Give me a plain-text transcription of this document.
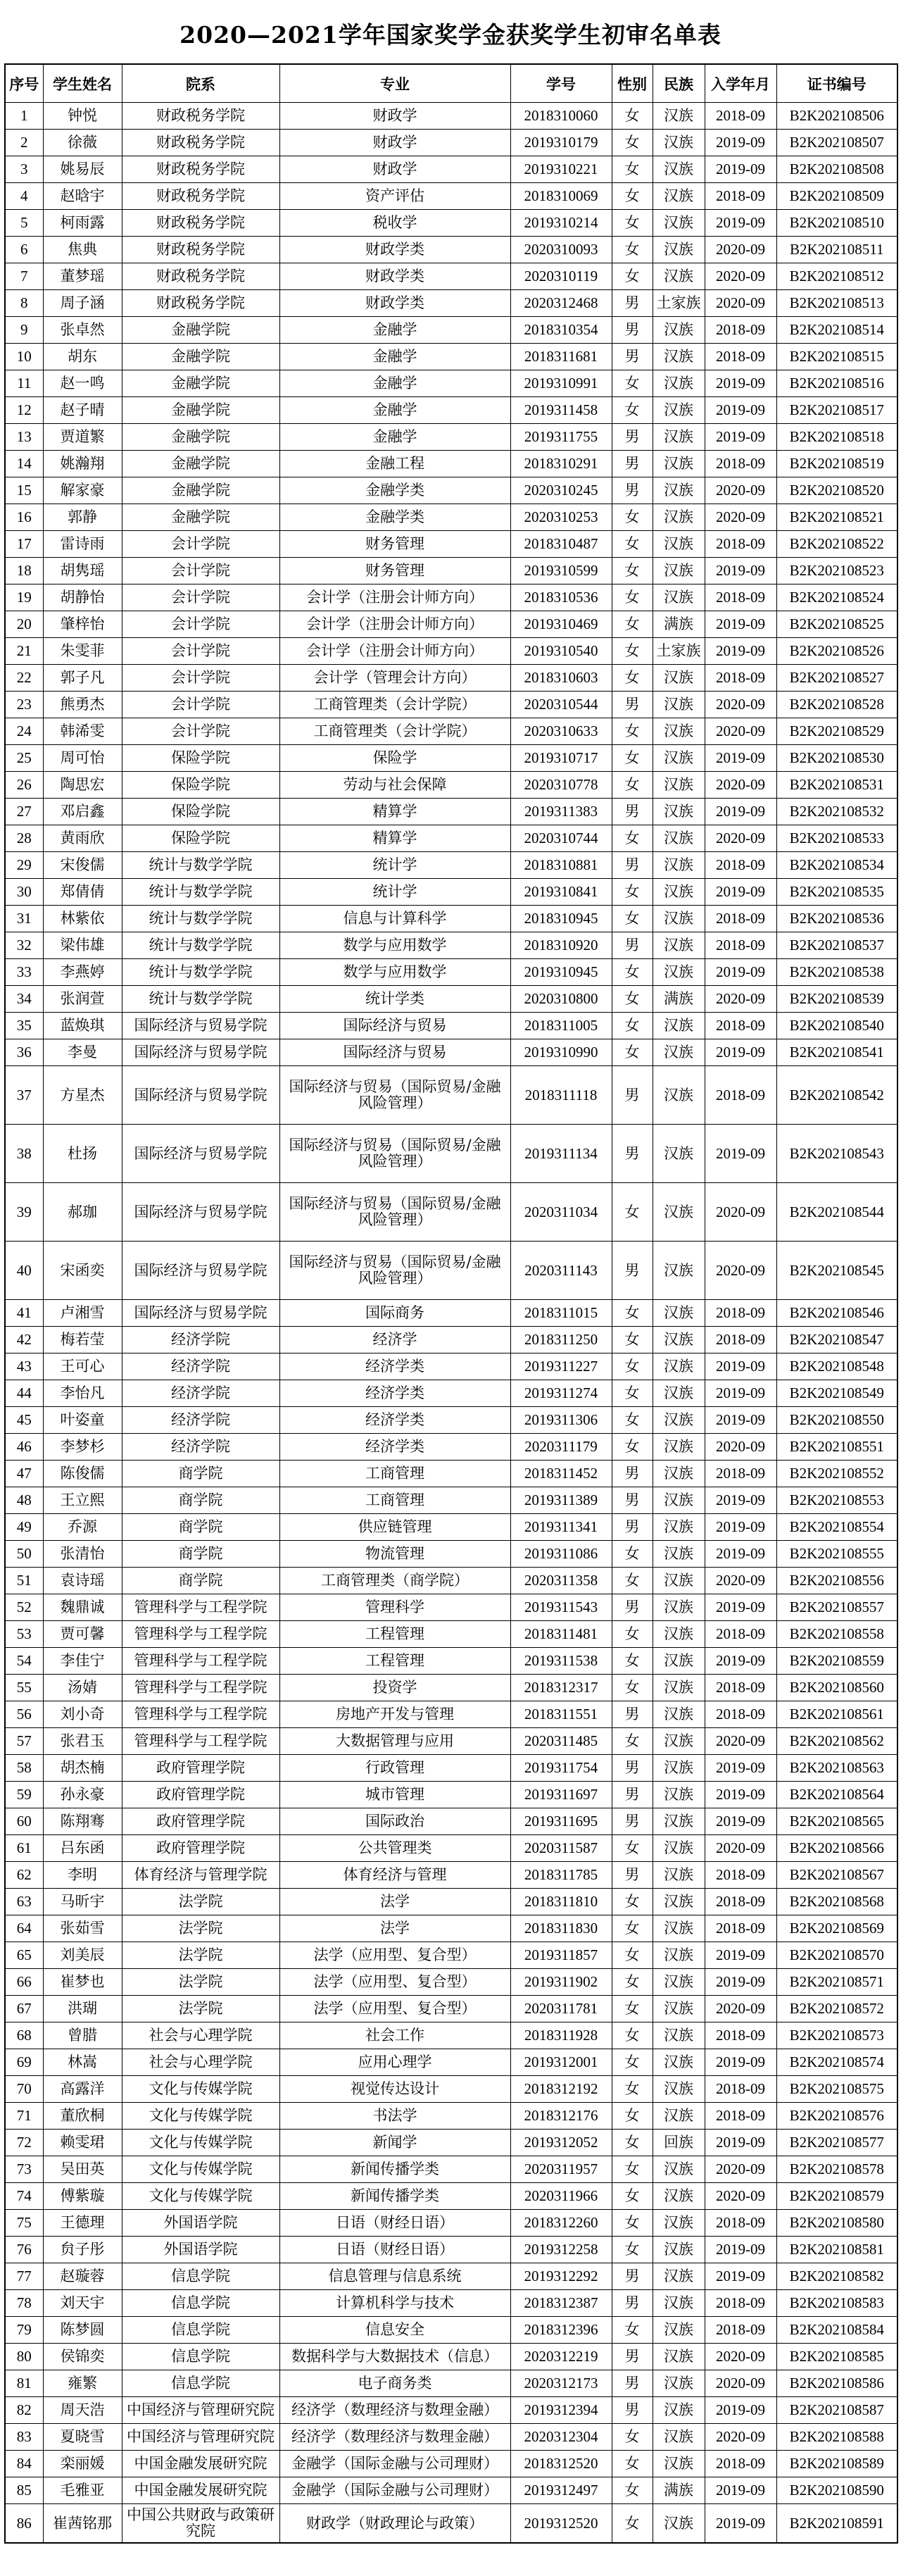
2020—2021学年国家奖学金获奖学生初审名单表
序号	学生姓名	院系	专业	学号	性别	民族	入学年月	证书编号
1	钟悦	财政税务学院	财政学	2018310060	女	汉族	2018-09	B2K202108506
2	徐薇	财政税务学院	财政学	2019310179	女	汉族	2019-09	B2K202108507
3	姚易辰	财政税务学院	财政学	2019310221	女	汉族	2019-09	B2K202108508
4	赵晗宇	财政税务学院	资产评估	2018310069	女	汉族	2018-09	B2K202108509
5	柯雨露	财政税务学院	税收学	2019310214	女	汉族	2019-09	B2K202108510
6	焦典	财政税务学院	财政学类	2020310093	女	汉族	2020-09	B2K202108511
7	董梦瑶	财政税务学院	财政学类	2020310119	女	汉族	2020-09	B2K202108512
8	周子涵	财政税务学院	财政学类	2020312468	男	土家族	2020-09	B2K202108513
9	张卓然	金融学院	金融学	2018310354	男	汉族	2018-09	B2K202108514
10	胡东	金融学院	金融学	2018311681	男	汉族	2018-09	B2K202108515
11	赵一鸣	金融学院	金融学	2019310991	女	汉族	2019-09	B2K202108516
12	赵子晴	金融学院	金融学	2019311458	女	汉族	2019-09	B2K202108517
13	贾道繁	金融学院	金融学	2019311755	男	汉族	2019-09	B2K202108518
14	姚瀚翔	金融学院	金融工程	2018310291	男	汉族	2018-09	B2K202108519
15	解家豪	金融学院	金融学类	2020310245	男	汉族	2020-09	B2K202108520
16	郭静	金融学院	金融学类	2020310253	女	汉族	2020-09	B2K202108521
17	雷诗雨	会计学院	财务管理	2018310487	女	汉族	2018-09	B2K202108522
18	胡隽瑶	会计学院	财务管理	2019310599	女	汉族	2019-09	B2K202108523
19	胡静怡	会计学院	会计学（注册会计师方向）	2018310536	女	汉族	2018-09	B2K202108524
20	肇梓怡	会计学院	会计学（注册会计师方向）	2019310469	女	满族	2019-09	B2K202108525
21	朱雯菲	会计学院	会计学（注册会计师方向）	2019310540	女	土家族	2019-09	B2K202108526
22	郭子凡	会计学院	会计学（管理会计方向）	2018310603	女	汉族	2018-09	B2K202108527
23	熊勇杰	会计学院	工商管理类（会计学院）	2020310544	男	汉族	2020-09	B2K202108528
24	韩浠雯	会计学院	工商管理类（会计学院）	2020310633	女	汉族	2020-09	B2K202108529
25	周可怡	保险学院	保险学	2019310717	女	汉族	2019-09	B2K202108530
26	陶思宏	保险学院	劳动与社会保障	2020310778	女	汉族	2020-09	B2K202108531
27	邓启鑫	保险学院	精算学	2019311383	男	汉族	2019-09	B2K202108532
28	黄雨欣	保险学院	精算学	2020310744	女	汉族	2020-09	B2K202108533
29	宋俊儒	统计与数学学院	统计学	2018310881	男	汉族	2018-09	B2K202108534
30	郑倩倩	统计与数学学院	统计学	2019310841	女	汉族	2019-09	B2K202108535
31	林紫依	统计与数学学院	信息与计算科学	2018310945	女	汉族	2018-09	B2K202108536
32	梁伟雄	统计与数学学院	数学与应用数学	2018310920	男	汉族	2018-09	B2K202108537
33	李燕婷	统计与数学学院	数学与应用数学	2019310945	女	汉族	2019-09	B2K202108538
34	张润萱	统计与数学学院	统计学类	2020310800	女	满族	2020-09	B2K202108539
35	蓝焕琪	国际经济与贸易学院	国际经济与贸易	2018311005	女	汉族	2018-09	B2K202108540
36	李曼	国际经济与贸易学院	国际经济与贸易	2019310990	女	汉族	2019-09	B2K202108541
37	方星杰	国际经济与贸易学院	国际经济与贸易（国际贸易/金融风险管理）	2018311118	男	汉族	2018-09	B2K202108542
38	杜扬	国际经济与贸易学院	国际经济与贸易（国际贸易/金融风险管理）	2019311134	男	汉族	2019-09	B2K202108543
39	郝珈	国际经济与贸易学院	国际经济与贸易（国际贸易/金融风险管理）	2020311034	女	汉族	2020-09	B2K202108544
40	宋函奕	国际经济与贸易学院	国际经济与贸易（国际贸易/金融风险管理）	2020311143	男	汉族	2020-09	B2K202108545
41	卢湘雪	国际经济与贸易学院	国际商务	2018311015	女	汉族	2018-09	B2K202108546
42	梅若莹	经济学院	经济学	2018311250	女	汉族	2018-09	B2K202108547
43	王可心	经济学院	经济学类	2019311227	女	汉族	2019-09	B2K202108548
44	李怡凡	经济学院	经济学类	2019311274	女	汉族	2019-09	B2K202108549
45	叶姿童	经济学院	经济学类	2019311306	女	汉族	2019-09	B2K202108550
46	李梦杉	经济学院	经济学类	2020311179	女	汉族	2020-09	B2K202108551
47	陈俊儒	商学院	工商管理	2018311452	男	汉族	2018-09	B2K202108552
48	王立熙	商学院	工商管理	2019311389	男	汉族	2019-09	B2K202108553
49	乔源	商学院	供应链管理	2019311341	男	汉族	2019-09	B2K202108554
50	张清怡	商学院	物流管理	2019311086	女	汉族	2019-09	B2K202108555
51	袁诗瑶	商学院	工商管理类（商学院）	2020311358	女	汉族	2020-09	B2K202108556
52	魏鼎诚	管理科学与工程学院	管理科学	2019311543	男	汉族	2019-09	B2K202108557
53	贾可馨	管理科学与工程学院	工程管理	2018311481	女	汉族	2018-09	B2K202108558
54	李佳宁	管理科学与工程学院	工程管理	2019311538	女	汉族	2019-09	B2K202108559
55	汤婧	管理科学与工程学院	投资学	2018312317	女	汉族	2018-09	B2K202108560
56	刘小奇	管理科学与工程学院	房地产开发与管理	2018311551	男	汉族	2018-09	B2K202108561
57	张君玉	管理科学与工程学院	大数据管理与应用	2020311485	女	汉族	2020-09	B2K202108562
58	胡杰楠	政府管理学院	行政管理	2019311754	男	汉族	2019-09	B2K202108563
59	孙永豪	政府管理学院	城市管理	2019311697	男	汉族	2019-09	B2K202108564
60	陈翔骞	政府管理学院	国际政治	2019311695	男	汉族	2019-09	B2K202108565
61	吕东函	政府管理学院	公共管理类	2020311587	女	汉族	2020-09	B2K202108566
62	李明	体育经济与管理学院	体育经济与管理	2018311785	男	汉族	2018-09	B2K202108567
63	马昕宇	法学院	法学	2018311810	女	汉族	2018-09	B2K202108568
64	张茹雪	法学院	法学	2018311830	女	汉族	2018-09	B2K202108569
65	刘美辰	法学院	法学（应用型、复合型）	2019311857	女	汉族	2019-09	B2K202108570
66	崔梦也	法学院	法学（应用型、复合型）	2019311902	女	汉族	2019-09	B2K202108571
67	洪瑚	法学院	法学（应用型、复合型）	2020311781	女	汉族	2020-09	B2K202108572
68	曾腊	社会与心理学院	社会工作	2018311928	女	汉族	2018-09	B2K202108573
69	林嵩	社会与心理学院	应用心理学	2019312001	女	汉族	2019-09	B2K202108574
70	高露洋	文化与传媒学院	视觉传达设计	2018312192	女	汉族	2018-09	B2K202108575
71	董欣桐	文化与传媒学院	书法学	2018312176	女	汉族	2018-09	B2K202108576
72	赖雯珺	文化与传媒学院	新闻学	2019312052	女	回族	2019-09	B2K202108577
73	吴田英	文化与传媒学院	新闻传播学类	2020311957	女	汉族	2020-09	B2K202108578
74	傅紫璇	文化与传媒学院	新闻传播学类	2020311966	女	汉族	2020-09	B2K202108579
75	王德理	外国语学院	日语（财经日语）	2018312260	女	汉族	2018-09	B2K202108580
76	贠子彤	外国语学院	日语（财经日语）	2019312258	女	汉族	2019-09	B2K202108581
77	赵璇蓉	信息学院	信息管理与信息系统	2019312292	男	汉族	2019-09	B2K202108582
78	刘天宇	信息学院	计算机科学与技术	2018312387	男	汉族	2018-09	B2K202108583
79	陈梦圆	信息学院	信息安全	2018312396	女	汉族	2018-09	B2K202108584
80	侯锦奕	信息学院	数据科学与大数据技术（信息）	2020312219	男	汉族	2020-09	B2K202108585
81	雍繁	信息学院	电子商务类	2020312173	男	汉族	2020-09	B2K202108586
82	周天浩	中国经济与管理研究院	经济学（数理经济与数理金融）	2019312394	男	汉族	2019-09	B2K202108587
83	夏晓雪	中国经济与管理研究院	经济学（数理经济与数理金融）	2020312304	女	汉族	2020-09	B2K202108588
84	栾丽媛	中国金融发展研究院	金融学（国际金融与公司理财）	2018312520	女	汉族	2018-09	B2K202108589
85	毛雅亚	中国金融发展研究院	金融学（国际金融与公司理财）	2019312497	女	满族	2019-09	B2K202108590
86	崔茜铭那	中国公共财政与政策研究院	财政学（财政理论与政策）	2019312520	女	汉族	2019-09	B2K202108591
